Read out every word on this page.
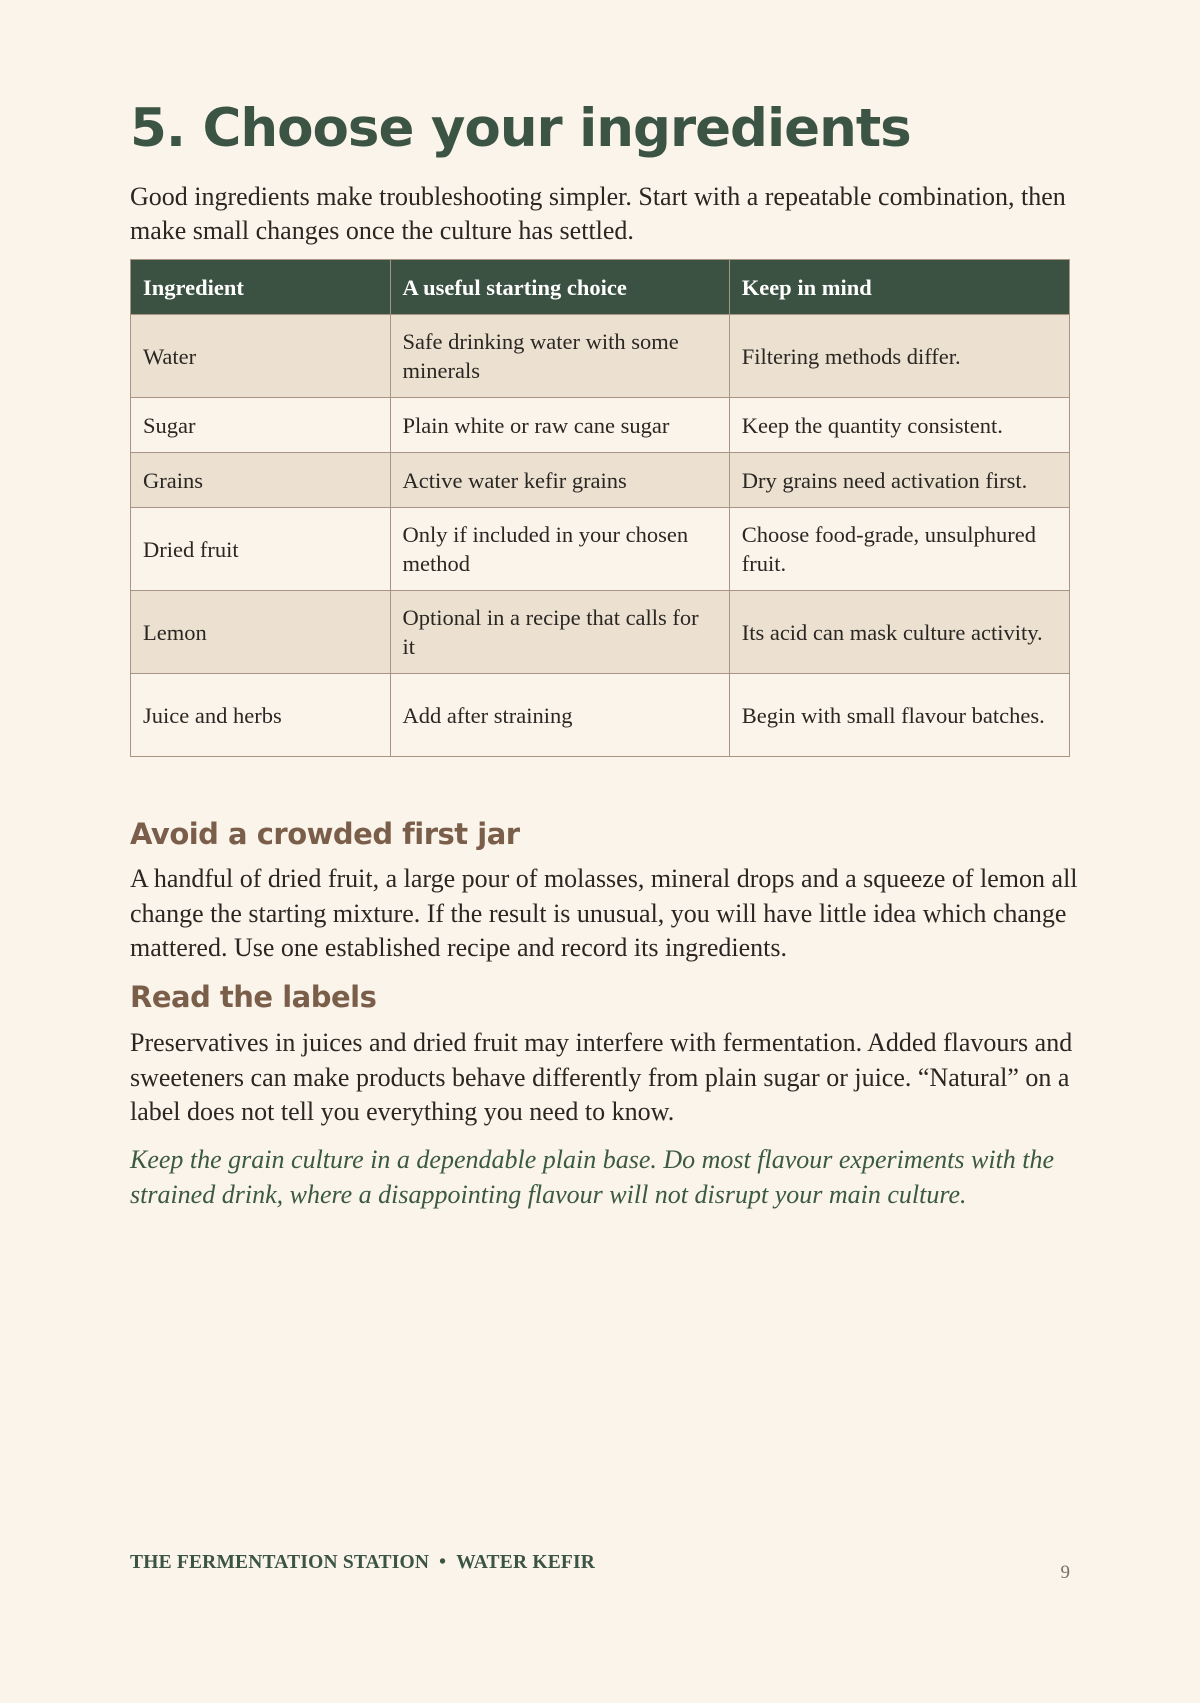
5. Choose your ingredients

Good ingredients make troubleshooting simpler. Start with a repeatable combination, then make small changes once the culture has settled.

Ingredient	A useful starting choice	Keep in mind
Water	Safe drinking water with some minerals	Filtering methods differ.
Sugar	Plain white or raw cane sugar	Keep the quantity consistent.
Grains	Active water kefir grains	Dry grains need activation first.
Dried fruit	Only if included in your chosen method	Choose food-grade, unsulphured fruit.
Lemon	Optional in a recipe that calls for it	Its acid can mask culture activity.
Juice and herbs	Add after straining	Begin with small flavour batches.
Avoid a crowded first jar

A handful of dried fruit, a large pour of molasses, mineral drops and a squeeze of lemon all change the starting mixture. If the result is unusual, you will have little idea which change mattered. Use one established recipe and record its ingredients.

Read the labels

Preservatives in juices and dried fruit may interfere with fermentation. Added flavours and sweeteners can make products behave differently from plain sugar or juice. “Natural” on a label does not tell you everything you need to know.

Keep the grain culture in a dependable plain base. Do most flavour experiments with the strained drink, where a disappointing flavour will not disrupt your main culture.

THE FERMENTATION STATION • WATER KEFIR	9
